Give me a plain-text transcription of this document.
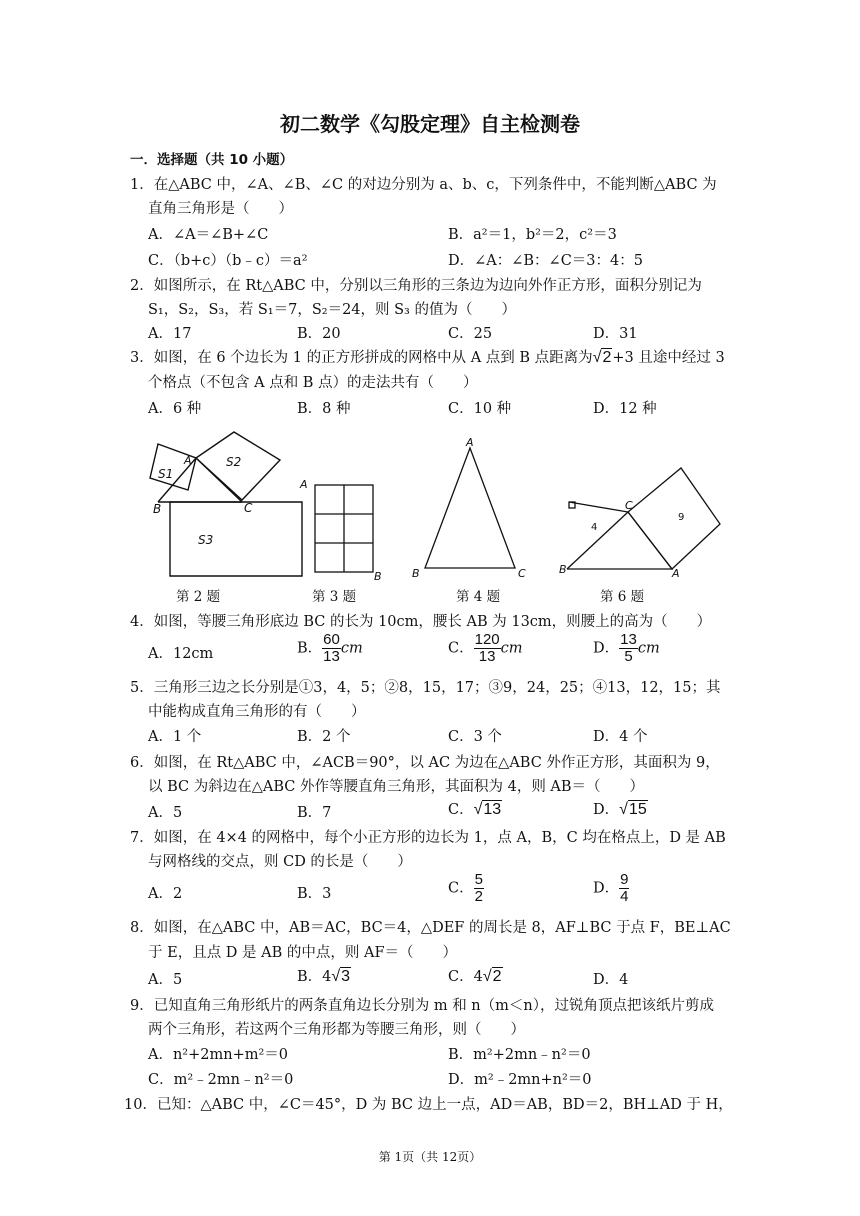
初二数学《勾股定理》自主检测卷
一．选择题（共 10 小题）
1．在△ABC 中，∠A、∠B、∠C 的对边分别为 a、b、c，下列条件中，不能判断△ABC 为
直角三角形是（　　）
A．∠A＝∠B+∠C	B．a²＝1，b²＝2，c²＝3
C．（b+c）（b﹣c）＝a²	D．∠A：∠B：∠C＝3：4：5
2．如图所示，在 Rt△ABC 中，分别以三角形的三条边为边向外作正方形，面积分别记为
S₁，S₂，S₃，若 S₁＝7，S₂＝24，则 S₃ 的值为（　　）
A．17	B．20	C．25	D．31
3．如图，在 6 个边长为 1 的正方形拼成的网格中从 A 点到 B 点距离为√2+3 且途中经过 3
个格点（不包含 A 点和 B 点）的走法共有（　　）
A．6 种	B．8 种	C．10 种	D．12 种
A
B	C
S1
S2
S3
A
B
A
B	C
C
B	A
4
9
第 2 题	第 3 题	第 4 题	第 6 题
4．如图，等腰三角形底边 BC 的长为 10cm，腰长 AB 为 13cm，则腰上的高为（　　）
A．12cm	B． $\frac{60}{13}$ cm	C． $\frac{120}{13}$ cm	D． $\frac{13}{5}$ cm
5．三角形三边之长分别是①3，4，5；②8，15，17；③9，24，25；④13，12，15；其
中能构成直角三角形的有（　　）
A．1 个	B．2 个	C．3 个	D．4 个
6．如图，在 Rt△ABC 中，∠ACB＝90°，以 AC 为边在△ABC 外作正方形，其面积为 9，
以 BC 为斜边在△ABC 外作等腰直角三角形，其面积为 4，则 AB＝（　　）
A．5	B．7	C．√13	D．√15
7．如图，在 4×4 的网格中，每个小正方形的边长为 1，点 A，B，C 均在格点上，D 是 AB
与网格线的交点，则 CD 的长是（　　）
A．2	B．3	C． $\frac{5}{2}$	D． $\frac{9}{4}$
8．如图，在△ABC 中，AB＝AC，BC＝4，△DEF 的周长是 8，AF⊥BC 于点 F，BE⊥AC
于 E，且点 D 是 AB 的中点，则 AF＝（　　）
A．5	B．4√3	C．4√2	D．4
9．已知直角三角形纸片的两条直角边长分别为 m 和 n（m＜n），过锐角顶点把该纸片剪成
两个三角形，若这两个三角形都为等腰三角形，则（　　）
A．n²+2mn+m²＝0	B．m²+2mn﹣n²＝0
C．m²﹣2mn﹣n²＝0	D．m²﹣2mn+n²＝0
10．已知：△ABC 中，∠C＝45°，D 为 BC 边上一点，AD＝AB，BD＝2，BH⊥AD 于 H，
第 1页（共 12页）
